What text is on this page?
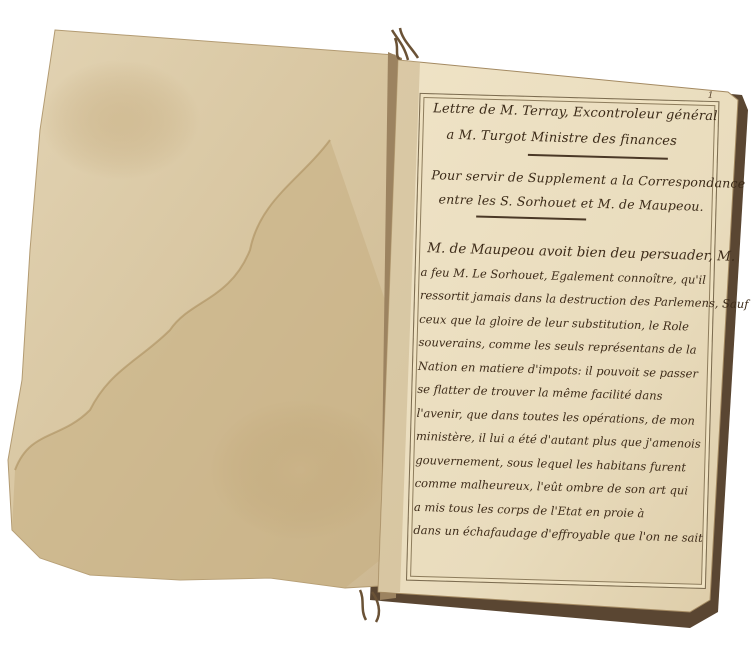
1
Lettre de M. Terray, Excontroleur général
a M. Turgot Ministre des finances
Pour servir de Supplement a la Correspondance
entre les S. Sorhouet et M. de Maupeou.
M. de Maupeou avoit bien deu persuader, M.
a feu M. Le Sorhouet, Egalement connoître, qu'il
ressortit jamais dans la destruction des Parlemens, Sauf
ceux que la gloire de leur substitution, le Role
souverains, comme les seuls représentans de la
Nation en matiere d'impots: il pouvoit se passer
se flatter de trouver la même facilité dans
l'avenir, que dans toutes les opérations, de mon
ministère, il lui a été d'autant plus que j'amenois
gouvernement, sous lequel les habitans furent
comme malheureux, l'eût ombre de son art qui
a mis tous les corps de l'Etat en proie à
dans un échafaudage d'effroyable que l'on ne sait
